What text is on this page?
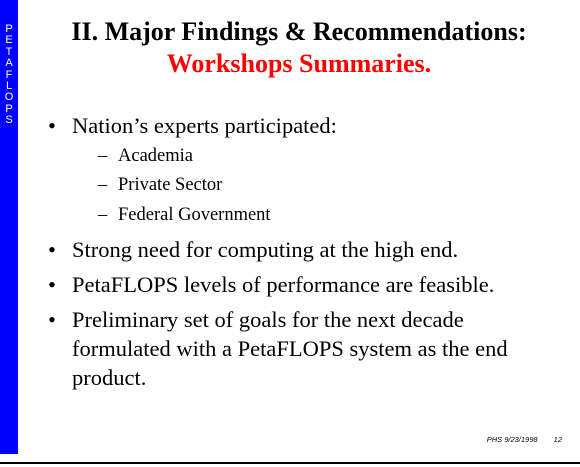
P
E
T
A
F
L
O
P
S
II. Major Findings & Recommendations:
Workshops Summaries.
• Nation’s experts participated:
– Academia
– Private Sector
– Federal Government
• Strong need for computing at the high end.
• PetaFLOPS levels of performance are feasible.
• Preliminary set of goals for the next decade formulated with a PetaFLOPS system as the end product.
PHS 9/23/1998 12
